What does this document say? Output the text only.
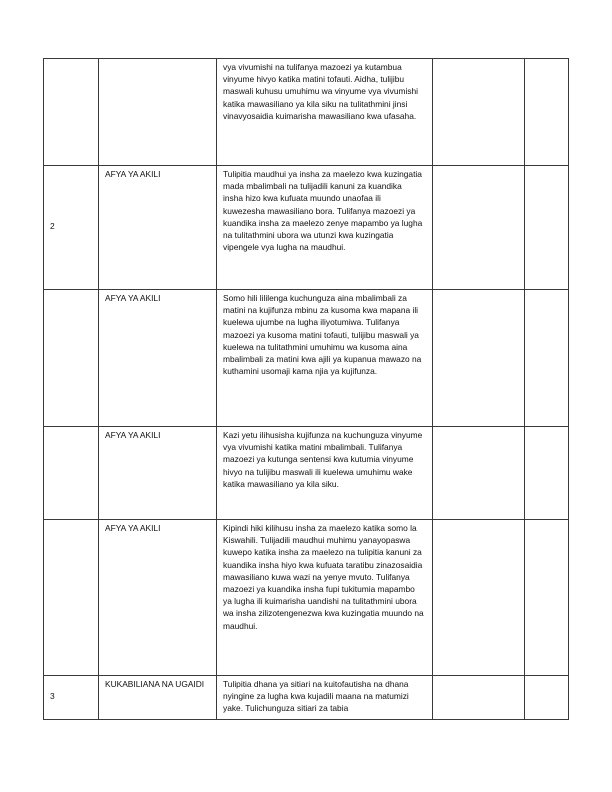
		vya vivumishi na tulifanya mazoezi ya kutambua vinyume hivyo katika matini tofauti. Aidha, tulijibu maswali kuhusu umuhimu wa vinyume vya vivumishi katika mawasiliano ya kila siku na tulitathmini jinsi vinavyosaidia kuimarisha mawasiliano kwa ufasaha.		
2	AFYA YA AKILI	Tulipitia maudhui ya insha za maelezo kwa kuzingatia mada mbalimbali na tulijadili kanuni za kuandika insha hizo kwa kufuata muundo unaofaa ili kuwezesha mawasiliano bora. Tulifanya mazoezi ya kuandika insha za maelezo zenye mapambo ya lugha na tulitathmini ubora wa utunzi kwa kuzingatia vipengele vya lugha na maudhui.		
	AFYA YA AKILI	Somo hili lililenga kuchunguza aina mbalimbali za matini na kujifunza mbinu za kusoma kwa mapana ili kuelewa ujumbe na lugha iliyotumiwa. Tulifanya mazoezi ya kusoma matini tofauti, tulijibu maswali ya kuelewa na tulitathmini umuhimu wa kusoma aina mbalimbali za matini kwa ajili ya kupanua mawazo na kuthamini usomaji kama njia ya kujifunza.		
	AFYA YA AKILI	Kazi yetu ilihusisha kujifunza na kuchunguza vinyume vya vivumishi katika matini mbalimbali. Tulifanya mazoezi ya kutunga sentensi kwa kutumia vinyume hivyo na tulijibu maswali ili kuelewa umuhimu wake katika mawasiliano ya kila siku.		
	AFYA YA AKILI	Kipindi hiki kilihusu insha za maelezo katika somo la Kiswahili. Tulijadili maudhui muhimu yanayopaswa kuwepo katika insha za maelezo na tulipitia kanuni za kuandika insha hiyo kwa kufuata taratibu zinazosaidia mawasiliano kuwa wazi na yenye mvuto. Tulifanya mazoezi ya kuandika insha fupi tukitumia mapambo ya lugha ili kuimarisha uandishi na tulitathmini ubora wa insha zilizotengenezwa kwa kuzingatia muundo na maudhui.		
3	KUKABILIANA NA UGAIDI	Tulipitia dhana ya sitiari na kuitofautisha na dhana nyingine za lugha kwa kujadili maana na matumizi yake. Tulichunguza sitiari za tabia		
